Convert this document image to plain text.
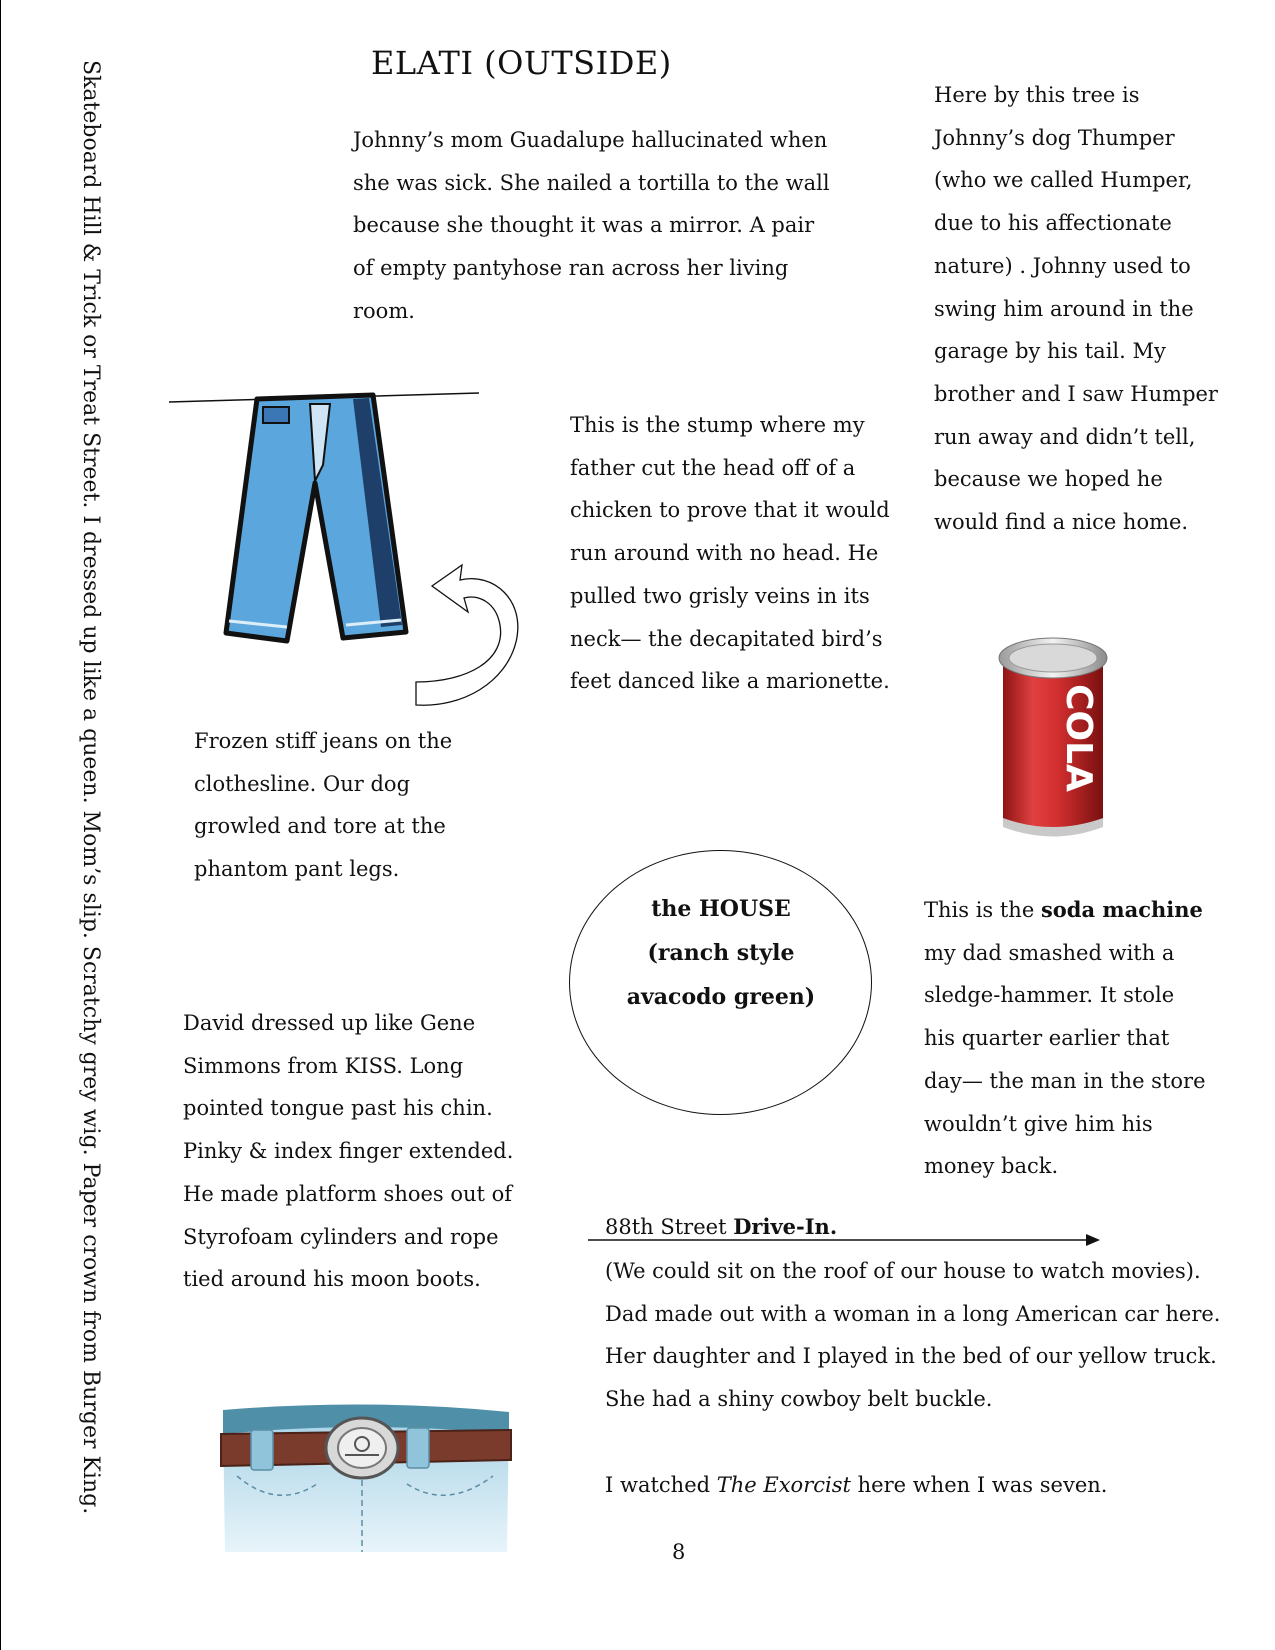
Skateboard Hill & Trick or Treat Street. I dressed up like a queen. Mom’s slip. Scratchy grey wig. Paper crown from Burger King.	ELATI (OUTSIDE)

Johnny’s mom Guadalupe hallucinated when

she was sick. She nailed a tortilla to the wall

because she thought it was a mirror. A pair

of empty pantyhose ran across her living

room.

Here by this tree is

Johnny’s dog Thumper

(who we called Humper,

due to his affectionate

nature) . Johnny used to

swing him around in the

garage by his tail. My

brother and I saw Humper

run away and didn’t tell,

because we hoped he

would find a nice home.

This is the stump where my

father cut the head off of a

chicken to prove that it would

run around with no head. He

pulled two grisly veins in its

neck— the decapitated bird’s

feet danced like a marionette.

Frozen stiff jeans on the

clothesline. Our dog

growled and tore at the

phantom pant legs.

COLA
the HOUSE
(ranch style
avacodo green)

This is the soda machine

my dad smashed with a

sledge-hammer. It stole

his quarter earlier that

day— the man in the store

wouldn’t give him his

money back.

David dressed up like Gene

Simmons from KISS. Long

pointed tongue past his chin.

Pinky & index finger extended.

He made platform shoes out of

Styrofoam cylinders and rope

tied around his moon boots.

88th Street Drive-In.

(We could sit on the roof of our house to watch movies).

Dad made out with a woman in a long American car here.

Her daughter and I played in the bed of our yellow truck.

She had a shiny cowboy belt buckle.

I watched The Exorcist here when I was seven.

8
